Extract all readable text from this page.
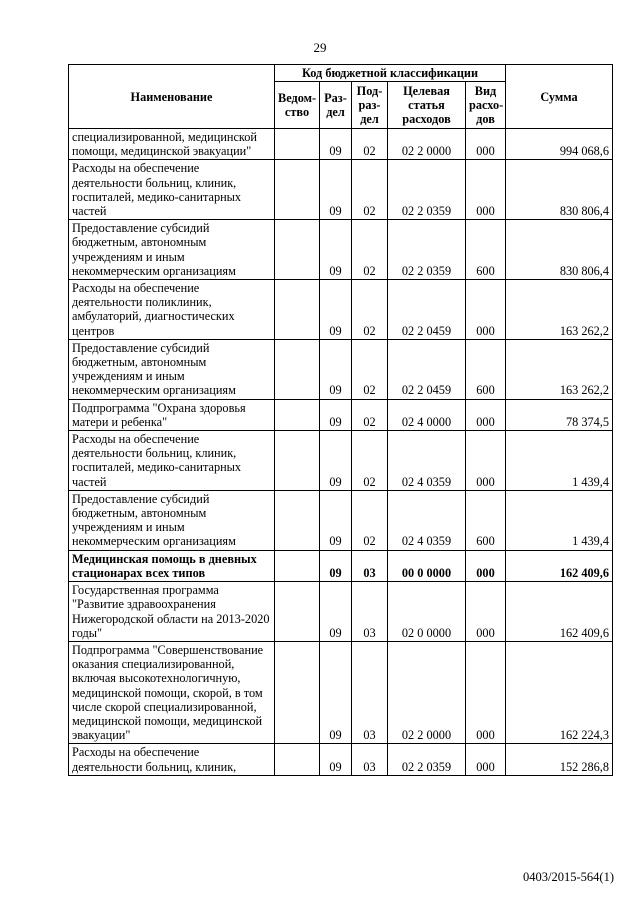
29
Наименование	Код бюджетной классификации					Сумма
	Ведом-ство	Раз-дел	Под-раз-дел	Целевая статья расходов	Вид расхо-дов	
специализированной, медицинской помощи, медицинской эвакуации"		09	02	02 2 0000	000	994 068,6
Расходы на обеспечение деятельности больниц, клиник, госпиталей, медико-санитарных частей		09	02	02 2 0359	000	830 806,4
Предоставление субсидий бюджетным, автономным учреждениям и иным некоммерческим организациям		09	02	02 2 0359	600	830 806,4
Расходы на обеспечение деятельности поликлиник, амбулаторий, диагностических центров		09	02	02 2 0459	000	163 262,2
Предоставление субсидий бюджетным, автономным учреждениям и иным некоммерческим организациям		09	02	02 2 0459	600	163 262,2
Подпрограмма "Охрана здоровья матери и ребенка"		09	02	02 4 0000	000	78 374,5
Расходы на обеспечение деятельности больниц, клиник, госпиталей, медико-санитарных частей		09	02	02 4 0359	000	1 439,4
Предоставление субсидий бюджетным, автономным учреждениям и иным некоммерческим организациям		09	02	02 4 0359	600	1 439,4
Медицинская помощь в дневных стационарах всех типов		09	03	00 0 0000	000	162 409,6
Государственная программа "Развитие здравоохранения Нижегородской области на 2013-2020 годы"		09	03	02 0 0000	000	162 409,6
Подпрограмма "Совершенствование оказания специализированной, включая высокотехнологичную, медицинской помощи, скорой, в том числе скорой специализированной, медицинской помощи, медицинской эвакуации"		09	03	02 2 0000	000	162 224,3
Расходы на обеспечение деятельности больниц, клиник,		09	03	02 2 0359	000	152 286,8
0403/2015-564(1)
